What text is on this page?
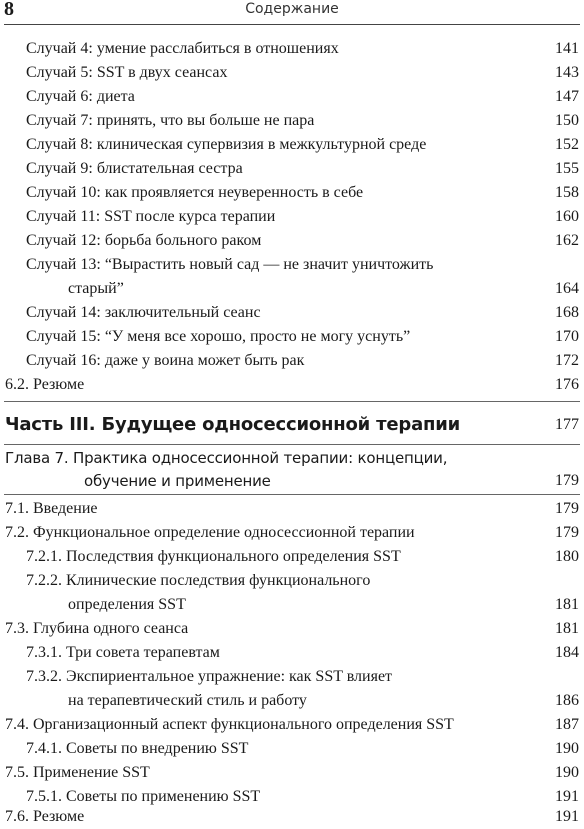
8	Содержание
Случай 4: умение расслабиться в отношениях	141
Случай 5: SST в двух сеансах	143
Случай 6: диета	147
Случай 7: принять, что вы больше не пара	150
Случай 8: клиническая супервизия в межкультурной среде	152
Случай 9: блистательная сестра	155
Случай 10: как проявляется неуверенность в себе	158
Случай 11: SST после курса терапии	160
Случай 12: борьба больного раком	162
Случай 13: “Вырастить новый сад — не значит уничтожить
старый”	164
Случай 14: заключительный сеанс	168
Случай 15: “У меня все хорошо, просто не могу уснуть”	170
Случай 16: даже у воина может быть рак	172
6.2. Резюме	176
Часть III. Будущее односессионной терапии	177
Глава 7. Практика односессионной терапии: концепции,
обучение и применение	179
7.1. Введение	179
7.2. Функциональное определение односессионной терапии	179
7.2.1. Последствия функционального определения SST	180
7.2.2. Клинические последствия функционального
определения SST	181
7.3. Глубина одного сеанса	181
7.3.1. Три совета терапевтам	184
7.3.2. Экспириентальное упражнение: как SST влияет
на терапевтический стиль и работу	186
7.4. Организационный аспект функционального определения SST	187
7.4.1. Советы по внедрению SST	190
7.5. Применение SST	190
7.5.1. Советы по применению SST	191
7.6. Резюме	191
